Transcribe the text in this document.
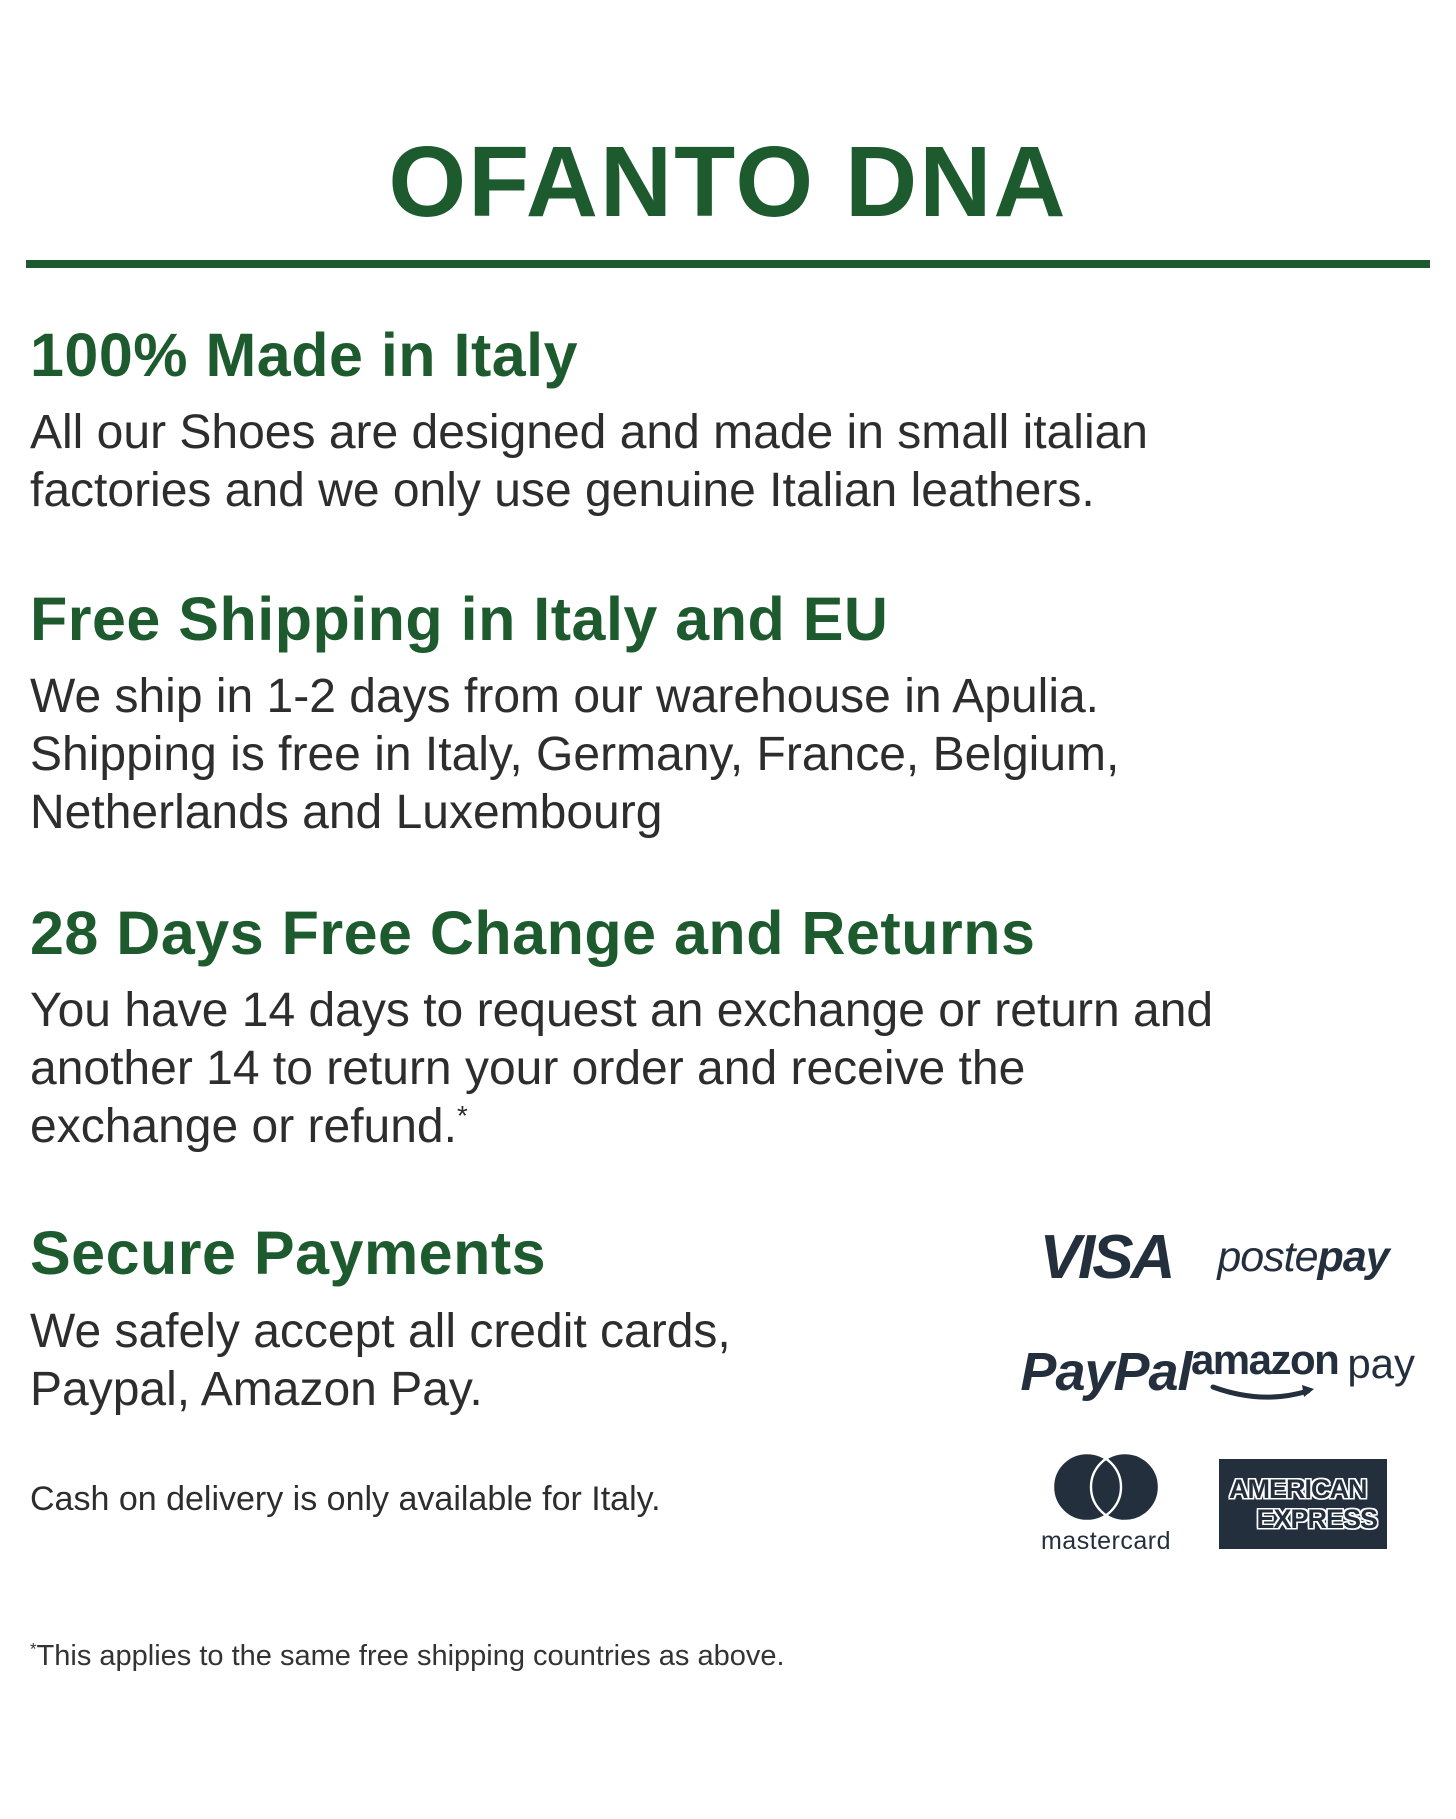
OFANTO DNA
100% Made in Italy

All our Shoes are designed and made in small italian

factories and we only use genuine Italian leathers.

Free Shipping in Italy and EU

We ship in 1-2 days from our warehouse in Apulia.

Shipping is free in Italy, Germany, France, Belgium,

Netherlands and Luxembourg

28 Days Free Change and Returns

You have 14 days to request an exchange or return and

another 14 to return your order and receive the

exchange or refund.*

Secure Payments

We safely accept all credit cards,

Paypal, Amazon Pay.

Cash on delivery is only available for Italy.

VISA postepay
PayPal amazon pay
mastercard
AMERICAN
EXPRESS

*This applies to the same free shipping countries as above.
